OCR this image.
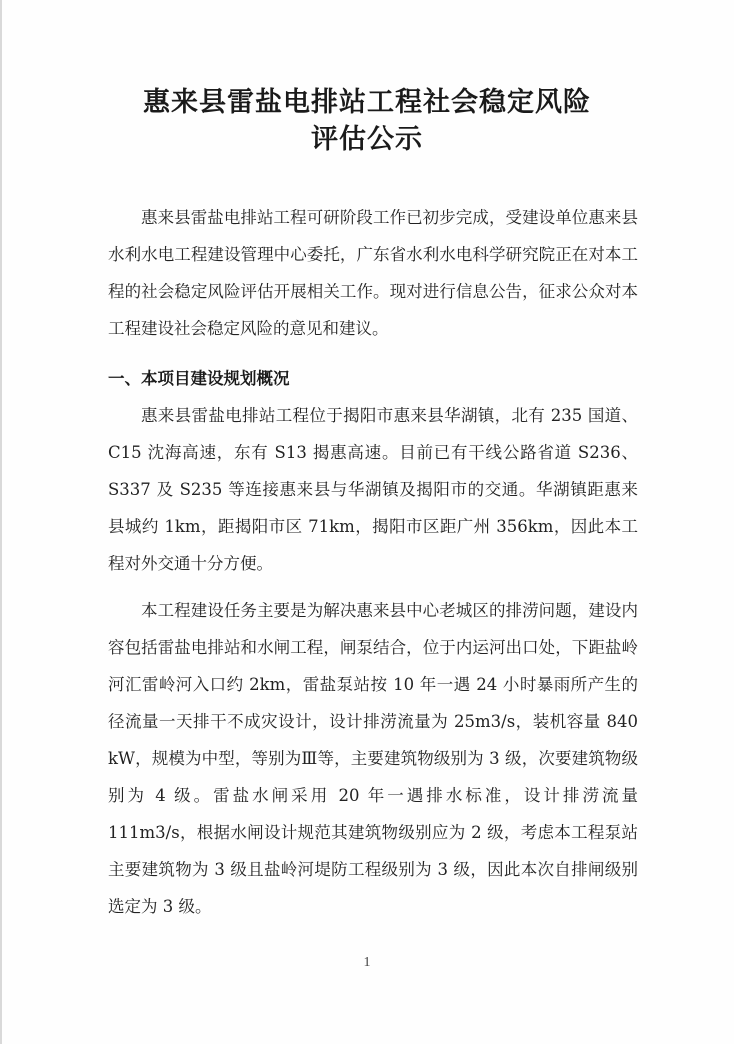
惠来县雷盐电排站工程社会稳定风险
评估公示

惠来县雷盐电排站工程可研阶段工作已初步完成，受建设单位惠来县水利水电工程建设管理中心委托，广东省水利水电科学研究院正在对本工程的社会稳定风险评估开展相关工作。现对进行信息公告，征求公众对本工程建设社会稳定风险的意见和建议。

一、本项目建设规划概况

惠来县雷盐电排站工程位于揭阳市惠来县华湖镇，北有 235 国道、C15 沈海高速，东有 S13 揭惠高速。目前已有干线公路省道 S236、S337 及 S235 等连接惠来县与华湖镇及揭阳市的交通。华湖镇距惠来县城约 1km，距揭阳市区 71km，揭阳市区距广州 356km，因此本工程对外交通十分方便。

本工程建设任务主要是为解决惠来县中心老城区的排涝问题，建设内容包括雷盐电排站和水闸工程，闸泵结合，位于内运河出口处，下距盐岭河汇雷岭河入口约 2km，雷盐泵站按 10 年一遇 24 小时暴雨所产生的径流量一天排干不成灾设计，设计排涝流量为 25m3/s，装机容量 840 kW，规模为中型，等别为Ⅲ等，主要建筑物级别为 3 级，次要建筑物级别为 4 级。雷盐水闸采用 20 年一遇排水标准，设计排涝流量 111m3/s，根据水闸设计规范其建筑物级别应为 2 级，考虑本工程泵站主要建筑物为 3 级且盐岭河堤防工程级别为 3 级，因此本次自排闸级别选定为 3 级。

1
